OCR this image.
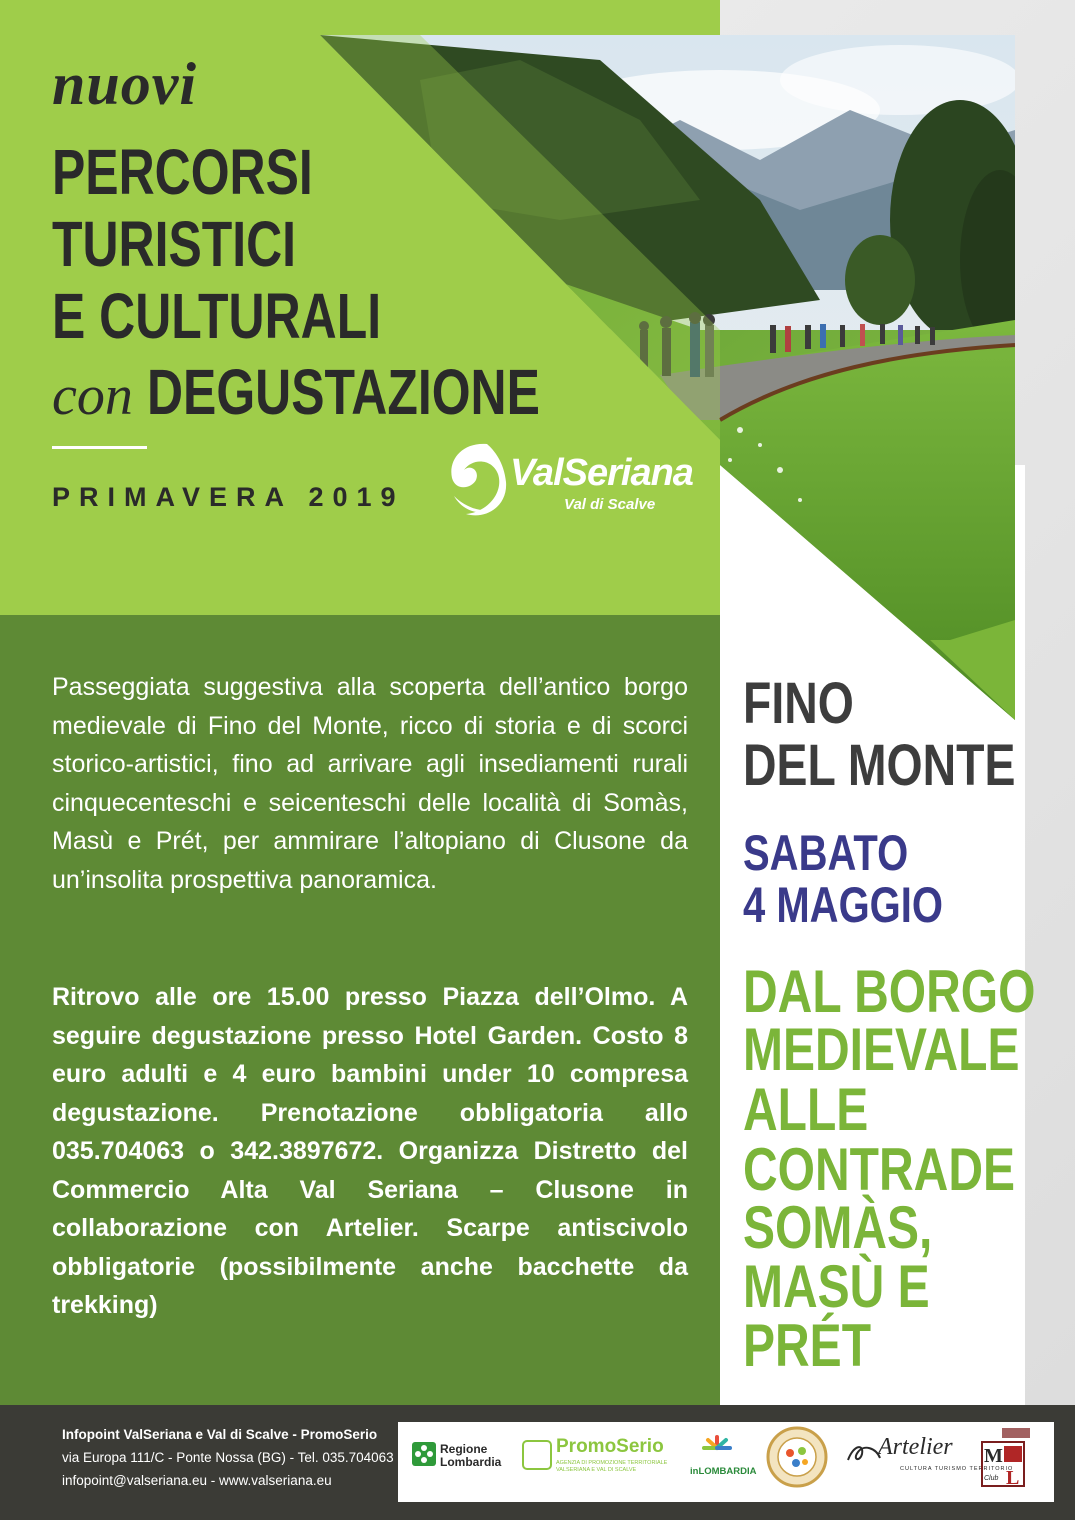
nuovi
PERCORSI
TURISTICI
E CULTURALI
con DEGUSTAZIONE
PRIMAVERA 2019
ValSeriana
Val di Scalve
Passeggiata suggestiva alla scoperta dell’antico borgo medievale di Fino del Monte, ricco di storia e di scorci storico-artistici, fino ad arrivare agli insediamenti rurali cinquecenteschi e seicenteschi delle località di Somàs, Masù e Prét, per ammirare l’altopiano di Clusone da un’insolita prospettiva panoramica.
Ritrovo alle ore 15.00 presso Piazza dell’Olmo. A seguire degustazione presso Hotel Garden. Costo 8 euro adulti e 4 euro bambini under 10 compresa degustazione. Prenotazione obbligatoria allo 035.704063 o 342.3897672. Organizza Distretto del Commercio Alta Val Seriana – Clusone in collaborazione con Artelier. Scarpe antiscivolo obbligatorie (possibilmente anche bacchette da trekking)
FINO
DEL MONTE
SABATO
4 MAGGIO
DAL BORGO
MEDIEVALE
ALLE
CONTRADE
SOMÀS,
MASÙ E
PRÉT
Infopoint ValSeriana e Val di Scalve - PromoSerio
via Europa 111/C - Ponte Nossa (BG) - Tel. 035.704063
infopoint@valseriana.eu - www.valseriana.eu
Regione Lombardia
PromoSerio
AGENZIA DI PROMOZIONE TERRITORIALE VALSERIANA E VAL DI SCALVE	inLOMBARDIA
Artelier
CULTURA TURISMO TERRITORIO
M
L
Club
